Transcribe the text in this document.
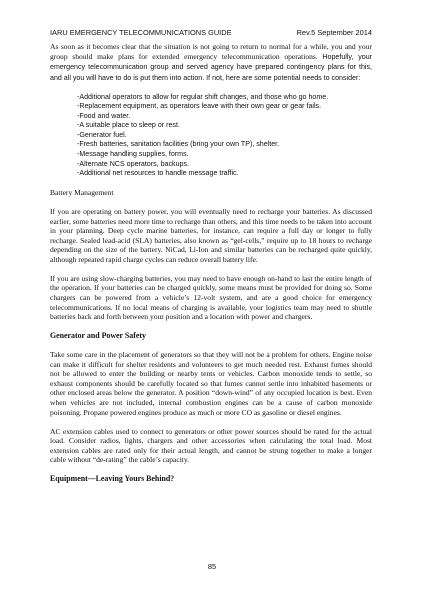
IARU EMERGENCY TELECOMMUNICATIONS GUIDE	Rev.5 September 2014

As soon as it becomes clear that the situation is not going to return to normal for a while, you and your group should make plans for extended emergency telecommunication operations. Hopefully, your emergency telecommunication group and served agency have prepared contingency plans for this, and all you will have to do is put them into action. If not, here are some potential needs to consider:

-Additional operators to allow for regular shift changes, and those who go home.
-Replacement equipment, as operators leave with their own gear or gear fails.
-Food and water.
-A suitable place to sleep or rest.
-Generator fuel.
-Fresh batteries, sanitation facilities (bring your own TP), shelter.
-Message handling supplies, forms.
-Alternate NCS operators, backups.
-Additional net resources to handle message traffic.
Battery Management

If you are operating on battery power, you will eventually need to recharge your batteries. As discussed earlier, some batteries need more time to recharge than others, and this time needs to be taken into account in your planning. Deep cycle marine batteries, for instance, can require a full day or longer to fully recharge. Sealed lead-acid (SLA) batteries, also known as “gel-cells,” require up to 18 hours to recharge depending on the size of the battery. NiCad, Li-Ion and similar batteries can be recharged quite quickly, although repeated rapid charge cycles can reduce overall battery life.

If you are using slow-charging batteries, you may need to have enough on-hand to last the entire length of the operation. If your batteries can be charged quickly, some means must be provided for doing so. Some chargers can be powered from a vehicle’s 12-volt system, and are a good choice for emergency telecommunications. If no local means of charging is available, your logistics team may need to shuttle batteries back and forth between your position and a location with power and chargers.

Generator and Power Safety

Take some care in the placement of generators so that they will not be a problem for others. Engine noise can make it difficult for shelter residents and volunteers to get much needed rest. Exhaust fumes should not be allowed to enter the building or nearby tents or vehicles. Carbon monoxide tends to settle, so exhaust components should be carefully located so that fumes cannot settle into inhabited basements or other enclosed areas below the generator. A position “down-wind” of any occupied location is best. Even when vehicles are not included, internal combustion engines can be a cause of carbon monoxide poisoning. Propane powered engines produce as much or more CO as gasoline or diesel engines.

AC extension cables used to connect to generators or other power sources should be rated for the actual load. Consider radios, lights, chargers and other accessories when calculating the total load. Most extension cables are rated only for their actual length, and cannot be strung together to make a longer cable without “de-rating” the cable’s capacity.

Equipment—Leaving Yours Behind?
85
